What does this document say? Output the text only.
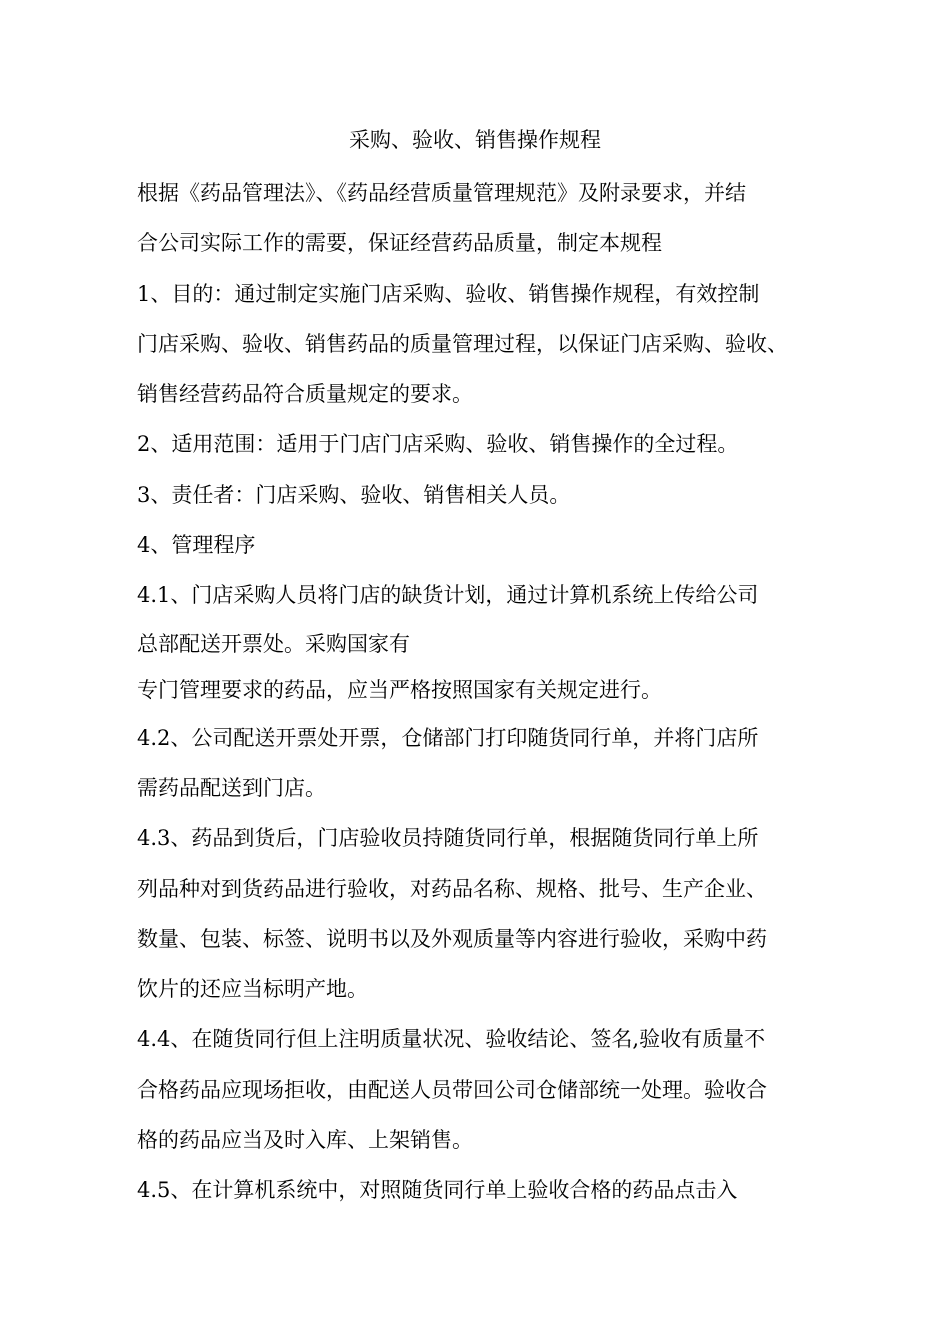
采购、验收、销售操作规程
根据《药品管理法》、《药品经营质量管理规范》及附录要求，并结
合公司实际工作的需要，保证经营药品质量，制定本规程
1、目的：通过制定实施门店采购、验收、销售操作规程，有效控制
门店采购、验收、销售药品的质量管理过程，以保证门店采购、验收、
销售经营药品符合质量规定的要求。
2、适用范围：适用于门店门店采购、验收、销售操作的全过程。
3、责任者：门店采购、验收、销售相关人员。
4、管理程序
4.1、门店采购人员将门店的缺货计划，通过计算机系统上传给公司
总部配送开票处。采购国家有
专门管理要求的药品，应当严格按照国家有关规定进行。
4.2、公司配送开票处开票，仓储部门打印随货同行单，并将门店所
需药品配送到门店。
4.3、药品到货后，门店验收员持随货同行单，根据随货同行单上所
列品种对到货药品进行验收，对药品名称、规格、批号、生产企业、
数量、包装、标签、说明书以及外观质量等内容进行验收，采购中药
饮片的还应当标明产地。
4.4、在随货同行但上注明质量状况、验收结论、签名,验收有质量不
合格药品应现场拒收，由配送人员带回公司仓储部统一处理。验收合
格的药品应当及时入库、上架销售。
4.5、在计算机系统中，对照随货同行单上验收合格的药品点击入
